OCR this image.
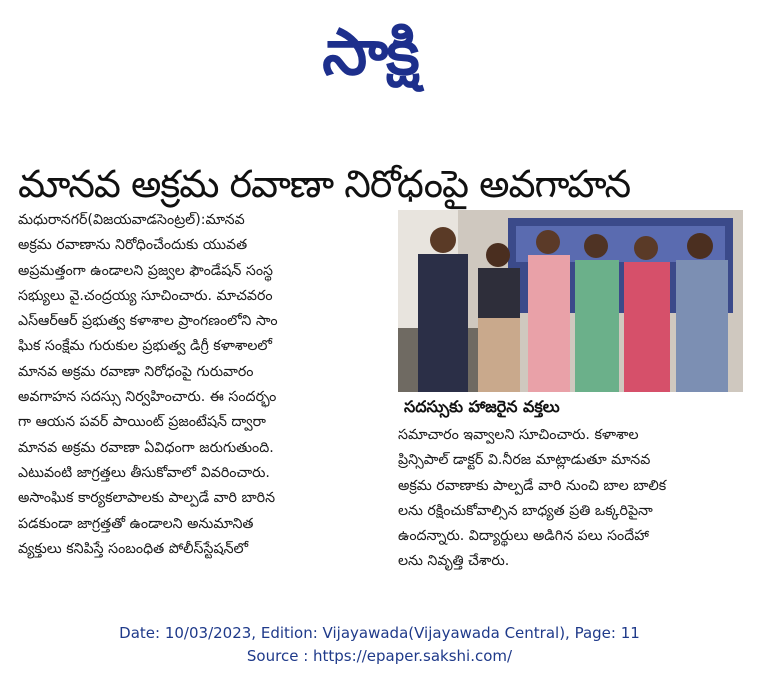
సాక్షి
మానవ అక్రమ రవాణా నిరోధంపై అవగాహన
మధురానగర్‌(విజయవాడసెంట్రల్‌):మానవ
అక్రమ రవాణాను నిరోధించేందుకు యువత
అప్రమత్తంగా ఉండాలని ప్రజ్వల ఫౌండేషన్‌ సంస్థ
సభ్యులు వై.చంద్రయ్య సూచించారు. మాచవరం
ఎస్‌ఆర్‌ఆర్‌ ప్రభుత్వ కళాశాల ప్రాంగణంలోని సాం
ఘిక సంక్షేమ గురుకుల ప్రభుత్వ డిగ్రీ కళాశాలలో
మానవ అక్రమ రవాణా నిరోధంపై గురువారం
అవగాహన సదస్సు నిర్వహించారు. ఈ సందర్భం
గా ఆయన పవర్‌ పాయింట్‌ ప్రజంటేషన్‌ ద్వారా
మానవ అక్రమ రవాణా ఏవిధంగా జరుగుతుంది.
ఎటువంటి జాగ్రత్తలు తీసుకోవాలో వివరించారు.
అసాంఘిక కార్యకలాపాలకు పాల్పడే వారి బారిన
పడకుండా జాగ్రత్తతో ఉండాలని అనుమానిత
వ్యక్తులు కనిపిస్తే సంబంధిత పోలీస్‌స్టేషన్‌లో
సదస్సుకు హాజరైన వక్తలు
సమాచారం ఇవ్వాలని సూచించారు. కళాశాల
ప్రిన్సిపాల్‌ డాక్టర్‌ వి.నీరజ మాట్లాడుతూ మానవ
అక్రమ రవాణాకు పాల్పడే వారి నుంచి బాల బాలిక
లను రక్షించుకోవాల్సిన బాధ్యత ప్రతి ఒక్కరిపైనా
ఉందన్నారు. విద్యార్థులు అడిగిన పలు సందేహా
లను నివృత్తి చేశారు.
Date: 10/03/2023, Edition: Vijayawada(Vijayawada Central), Page: 11
Source : https://epaper.sakshi.com/
